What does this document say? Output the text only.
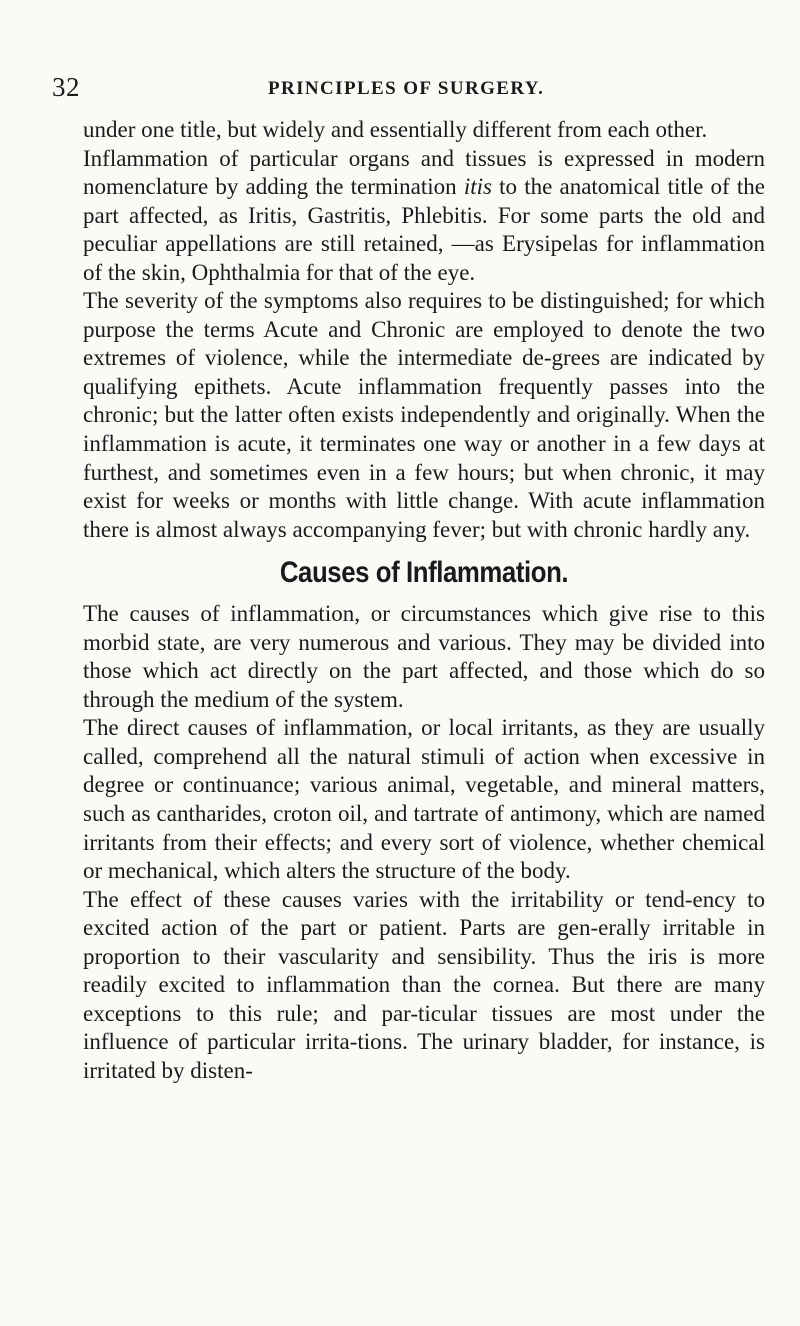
32	PRINCIPLES OF SURGERY.

under one title, but widely and essentially different from each other.

Inflammation of particular organs and tissues is expressed in modern nomenclature by adding the termination itis to the anatomical title of the part affected, as Iritis, Gastritis, Phlebitis. For some parts the old and peculiar appellations are still retained, —as Erysipelas for inflammation of the skin, Ophthalmia for that of the eye.

The severity of the symptoms also requires to be distinguished; for which purpose the terms Acute and Chronic are employed to denote the two extremes of violence, while the intermediate de-grees are indicated by qualifying epithets. Acute inflammation frequently passes into the chronic; but the latter often exists independently and originally. When the inflammation is acute, it terminates one way or another in a few days at furthest, and sometimes even in a few hours; but when chronic, it may exist for weeks or months with little change. With acute inflammation there is almost always accompanying fever; but with chronic hardly any.

Causes of Inflammation.

The causes of inflammation, or circumstances which give rise to this morbid state, are very numerous and various. They may be divided into those which act directly on the part affected, and those which do so through the medium of the system.

The direct causes of inflammation, or local irritants, as they are usually called, comprehend all the natural stimuli of action when excessive in degree or continuance; various animal, vegetable, and mineral matters, such as cantharides, croton oil, and tartrate of antimony, which are named irritants from their effects; and every sort of violence, whether chemical or mechanical, which alters the structure of the body.

The effect of these causes varies with the irritability or tend-ency to excited action of the part or patient. Parts are gen-erally irritable in proportion to their vascularity and sensibility. Thus the iris is more readily excited to inflammation than the cornea. But there are many exceptions to this rule; and par-ticular tissues are most under the influence of particular irrita-tions. The urinary bladder, for instance, is irritated by disten-
